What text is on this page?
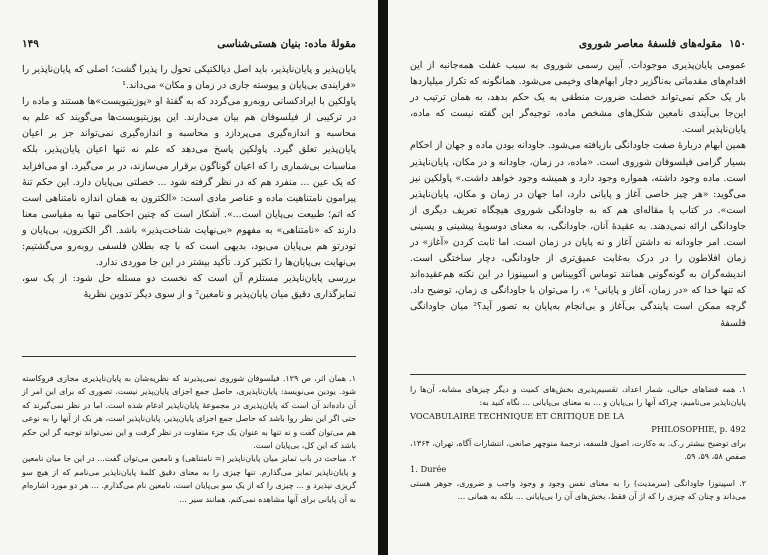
مقولهٔ ماده: بنیان هستی‌شناسی
۱۴۹

پایان‌پذیر و پایان‌ناپذیر، باید اصل دیالکتیکی تحول را پذیرا گشت؛ اصلی که پایان‌ناپذیر را «فرایندی بی‌پایان و پیوسته جاری در زمان و مکان» می‌داند.¹

پاولکین با ایرادکسانی روبه‌رو می‌گردد که به گفتهٔ او «پوزیتیویست»ها هستند و ماده را در ترکیبی از فیلسوفان هم بیان می‌دارند. این پوزیتیویست‌ها می‌گویند که علم به محاسبه و اندازه‌گیری می‌پردازد و محاسبه و اندازه‌گیری نمی‌تواند جز بر اعیان پایان‌پذیر تعلق گیرد. پاولکین پاسخ می‌دهد که علم نه تنها اعیان پایان‌پذیر، بلکه مناسبات بی‌شماری را که اعیان گوناگون برقرار می‌سازند، در بر می‌گیرد. او می‌افزاید که یک عین ... منفرد هم که در نظر گرفته شود ... خصلتی بی‌پایان دارد. این حکم تنهٔ پیرامون نامتناهیت ماده و عناصر مادی است: «الکترون به همان اندازه نامتناهی است که اتم؛ طبیعت بی‌پایان است...». آشکار است که چنین احکامی تنها به مقیاسی معنا دارند که «نامتناهی» به مفهوم «بی‌نهایت شناخت‌پذیر» باشد. اگر الکترون، بی‌پایان و تو‌در‌تو هم بی‌پایان می‌بود، بدیهی است که با چه بطلان فلسفی روبه‌رو می‌گشتیم: بی‌نهایت بی‌پایان‌ها را تکثیر کرد. تأکید بیشتر در این جا موردی ندارد.

بررسی پایان‌ناپذیر مستلزم آن است که نخست دو مسئله حل شود: از یک سو، تمایزگذاری دقیق میان پایان‌پذیر و نامعین² و از سوی دیگر تدوین نظریهٔ

۱. همان اثر، ص ۱۲۹. فیلسوفان شوروی نمی‌پذیرند که نظریه‌شان به پایان‌ناپذیری مجازی فروکاسته شود. یودین می‌نویسد: پایان‌ناپذیری، حاصل جمع اجزای پایان‌پذیر نیست. تصوری که برای این امر از آن داده‌اند آن است که پایان‌پذیری در مجموعهٔ پایان‌ناپذیر ادغام شده است. اما در نظر نمی‌گیرند که حتی اگر این نظر روا باشد که حاصل جمع اجزای پایان‌پذیر، پایان‌ناپذیر است، هر یک از آنها را به نوعی هم می‌توان گفت و نه تنها به عنوان یک جزء متفاوت در نظر گرفت و این نمی‌تواند توجیه گر این حکم باشد که این کل، بی‌پایان است.

۲. مباحث در باب تمایز میان پایان‌ناپذیر (= نامتناهی) و نامعین می‌توان گفت... در این جا میان نامعین و پایان‌ناپذیر تمایز می‌گذارم. تنها چیزی را به معنای دقیق کلمهٔ پایان‌ناپذیر می‌نامم که از هیچ سو گریزی نپذیرد و ... چیزی را که از یک سو بی‌پایان است، نامعین نام می‌گذارم. ... هر دو مورد اشاره‌ام به آن پایانی برای آنها مشاهده نمی‌کنم. همانند سیر ...

مقوله‌های فلسفهٔ معاصر شوروی ۱۵۰

عمومی پایان‌پذیری موجودات. آیین رسمی شوروی به سبب غفلت همه‌جانبه از این اقدام‌های مقدماتی به‌ناگزیر دچار ابهام‌های وخیمی می‌شود. همانگونه که تکرار میلیاردها بار یک حکم نمی‌تواند خصلت ضرورت منطقی به یک حکم بدهد، به همان ترتیب در این‌جا بی‌آیندی نامعین شکل‌های مشخص ماده، توجیه‌گر این گفته نیست که ماده، پایان‌ناپذیر است.

همین ابهام دربارهٔ صفت جاودانگی بازیافته می‌شود. جاودانه بودن ماده و جهان از احکام بسیار گرامی فیلسوفان شوروی است. «ماده، در زمان، جاودانه و در مکان، پایان‌ناپذیر است. ماده وجود داشته، همواره وجود دارد و همیشه وجود خواهد داشت.» پاولکین نیز می‌گوید: «هر چیز خاصی آغاز و پایانی دارد، اما جهان در زمان و مکان، پایان‌ناپذیر است». در کتاب یا مقاله‌ای هم که به جاودانگی شوروی هیچگاه تعریف دیگری از جاودانگی ارائه نمی‌دهند. به عقیدهٔ آنان، جاودانگی، به معنای دوسویهٔ پیشینی و پسینی است. امر جاودانه نه داشتن آغاز و نه پایان در زمان است. اما ثابت کردن «آغاز» در زمان افلاطون را در درک به‌غایت عمیق‌تری از جاودانگی، دچار ساختگی است. اندیشه‌گران به گونه‌گونی همانند توماس آکوییناس و اسپینوزا در این نکته هم‌عقیده‌اند که تنها خدا که «در زمان، آغاز و پایانی¹ »، را می‌توان با جاودانگی ی زمان، توضیح داد. گرچه ممکن است پایندگی بی‌آغاز و بی‌انجام به‌پایان به تصور آید؟² میان جاودانگی فلسفهٔ

۱. همه فضاهای خیالی، شمار اعداد، تقسیم‌پذیری بخش‌های کمیت و دیگر چیزهای مشابه، آن‌ها را پایان‌ناپذیر می‌نامیم، چراکه آنها را بی‌پایان و ... به معنای بی‌پایانی ... نگاه کنید به:

VOCABULAIRE TECHNIQUE ET CRITIQUE DE LA

PHILOSOPHIE, p. 492

برای توضیح بیشتر ر.ک. به ه‌کارت، اصول فلسفه، ترجمهٔ منوچهر صانعی، انتشارات آگاه، تهران، ۱۳۶۴، صفص ۵۸، ۵۹، ۵۹.

1. Durée

۲. اسپینوزا جاودانگی (سرمدیت) را به معنای نفس وجود و وجود واجب و ضروری، جوهر هستی می‌داند و چنان که چیزی را که از آن فقط، بخش‌های آن را بی‌پایانی ... بلکه به همانی ...
